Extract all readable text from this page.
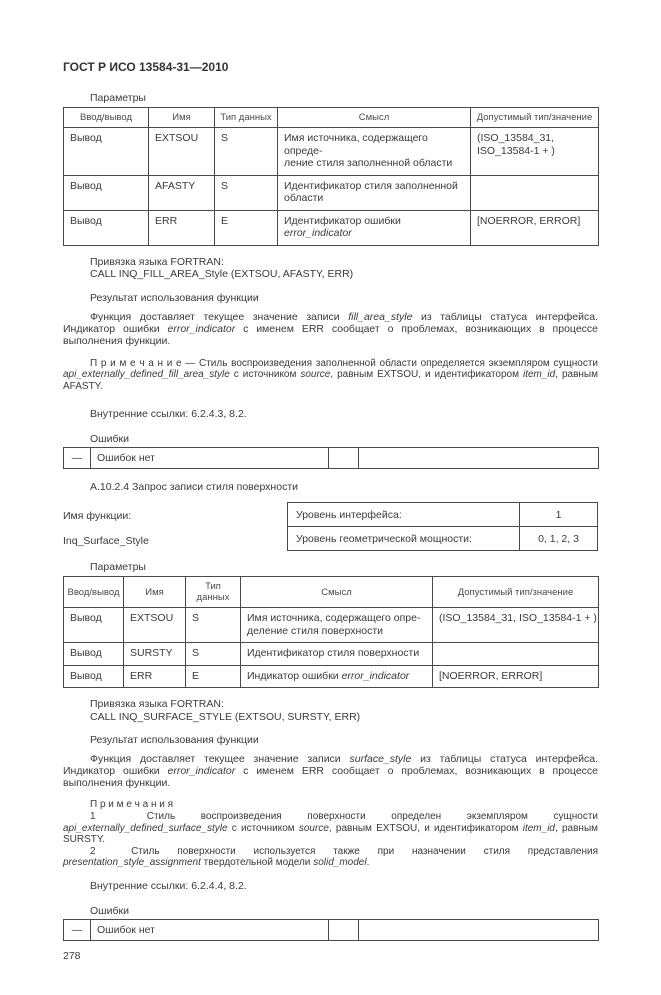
ГОСТ Р ИСО 13584-31—2010
Параметры
Ввод/вывод	Имя	Тип данных	Смысл	Допустимый тип/значение
Вывод	EXTSOU	S	Имя источника, содержащего опреде-
ление стиля заполненной области	(ISO_13584_31, ISO_13584-1 + )
Вывод	AFASTY	S	Идентификатор стиля заполненной
области	
Вывод	ERR	E	Идентификатор ошибки error_indicator	[NOERROR, ERROR]
Привязка языка FORTRAN:
CALL INQ_FILL_AREA_Style (EXTSOU, AFASTY, ERR)
Результат использования функции

Функция доставляет текущее значение записи fill_area_style из таблицы статуса интерфейса. Индикатор ошибки error_indicator с именем ERR сообщает о проблемах, возникающих в процессе выполнения функции.

П р и м е ч а н и е — Стиль воспроизведения заполненной области определяется экземпляром сущности api_externally_defined_fill_area_style с источником source, равным EXTSOU, и идентификатором item_id, равным AFASTY.

Внутренние ссылки: 6.2.4.3, 8.2.
Ошибки
—	Ошибок нет		
А.10.2.4 Запрос записи стиля поверхности
Имя функции:
Inq_Surface_Style
Уровень интерфейса:	1
Уровень геометрической мощности:	0, 1, 2, 3
Параметры
Ввод/вывод	Имя	Тип данных	Смысл	Допустимый тип/значение
Вывод	EXTSOU	S	Имя источника, содержащего опре-
деление стиля поверхности	(ISO_13584_31, ISO_13584-1 + )
Вывод	SURSTY	S	Идентификатор стиля поверхности	
Вывод	ERR	E	Индикатор ошибки error_indicator	[NOERROR, ERROR]
Привязка языка FORTRAN:
CALL INQ_SURFACE_STYLE (EXTSOU, SURSTY, ERR)
Результат использования функции

Функция доставляет текущее значение записи surface_style из таблицы статуса интерфейса. Индикатор ошибки error_indicator с именем ERR сообщает о проблемах, возникающих в процессе выполнения функции.

П р и м е ч а н и я

1  Стиль воспроизведения поверхности определен экземпляром сущности api_externally_defined_surface_style с источником source, равным EXTSOU, и идентификатором item_id, равным SURSTY.

2  Стиль поверхности используется также при назначении стиля представления presentation_style_assignment твердотельной модели solid_model.

Внутренние ссылки: 6.2.4.4, 8.2.
Ошибки
—	Ошибок нет		
278
